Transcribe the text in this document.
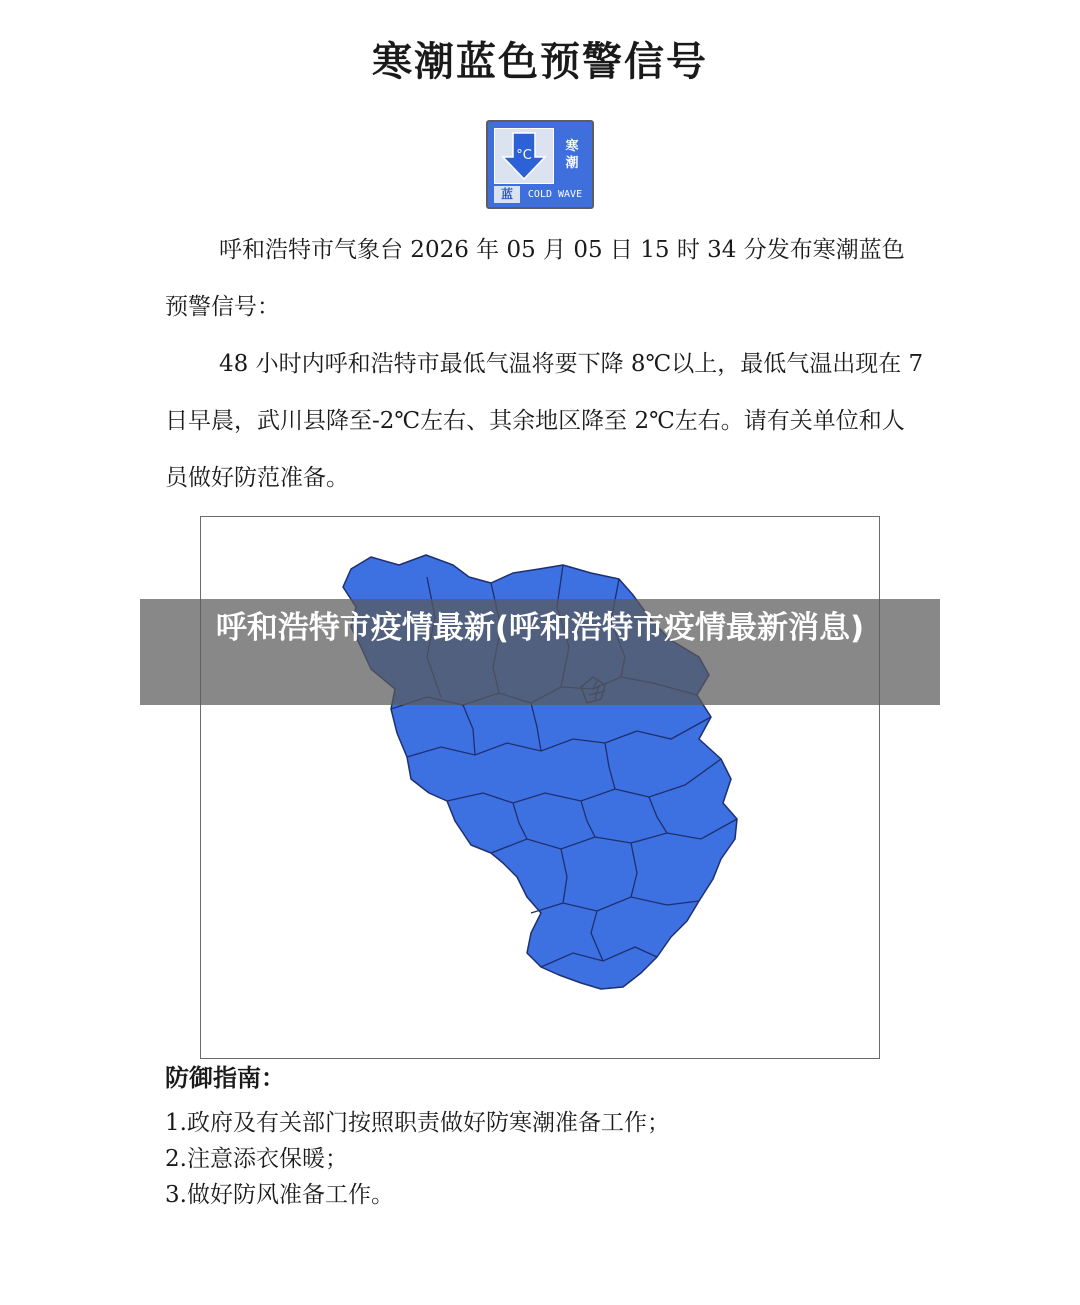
寒潮蓝色预警信号
°C
寒
潮
蓝	COLD WAVE

呼和浩特市气象台 2026 年 05 月 05 日 15 时 34 分发布寒潮蓝色预警信号：

48 小时内呼和浩特市最低气温将要下降 8℃以上，最低气温出现在 7 日早晨，武川县降至-2℃左右、其余地区降至 2℃左右。请有关单位和人员做好防范准备。

呼和浩特市疫情最新(呼和浩特市疫情最新消息)
防御指南：
1.政府及有关部门按照职责做好防寒潮准备工作；
2.注意添衣保暖；
3.做好防风准备工作。
